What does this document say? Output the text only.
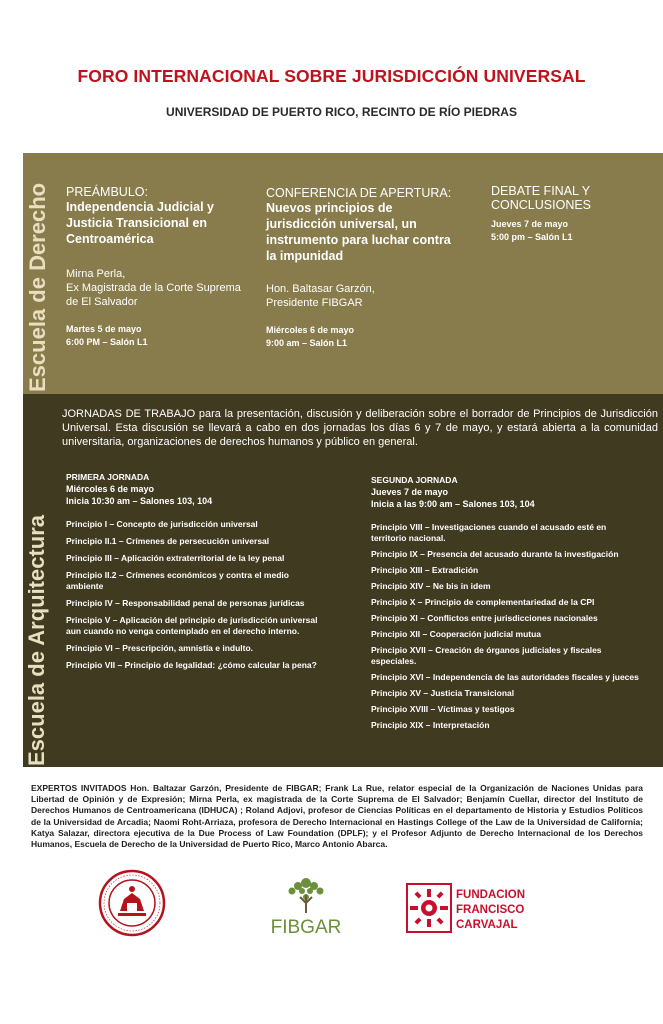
FORO INTERNACIONAL SOBRE JURISDICCIÓN UNIVERSAL
UNIVERSIDAD DE PUERTO RICO, RECINTO DE RÍO PIEDRAS
Escuela de Derecho
Escuela de Arquitectura
PREÁMBULO:
Independencia Judicial y Justicia Transicional en Centroamérica
Mirna Perla,
Ex Magistrada de la Corte Suprema de El Salvador
Martes 5 de mayo
6:00 PM – Salón L1
CONFERENCIA DE APERTURA:
Nuevos principios de jurisdicción universal, un instrumento para luchar contra la impunidad
Hon. Baltasar Garzón,
Presidente FIBGAR
Miércoles 6 de mayo
9:00 am – Salón L1
DEBATE FINAL Y CONCLUSIONES
Jueves 7 de mayo
5:00 pm – Salón L1
JORNADAS DE TRABAJO para la presentación, discusión y deliberación sobre el borrador de Principios de Jurisdicción Universal. Esta discusión se llevará a cabo en dos jornadas los días 6 y 7 de mayo, y estará abierta a la comunidad universitaria, organizaciones de derechos humanos y público en general.
PRIMERA JORNADA
Miércoles 6 de mayo
Inicia 10:30 am – Salones 103, 104
Principio I – Concepto de jurisdicción universal
Principio II.1 – Crímenes de persecución universal
Principio III – Aplicación extraterritorial de la ley penal
Principio II.2 – Crímenes económicos y contra el medio ambiente
Principio IV – Responsabilidad penal de personas jurídicas
Principio V – Aplicación del principio de jurisdicción universal aun cuando no venga contemplado en el derecho interno.
Principio VI – Prescripción, amnistía e indulto.
Principio VII – Principio de legalidad: ¿cómo calcular la pena?
SEGUNDA JORNADA
Jueves 7 de mayo
Inicia a las 9:00 am – Salones 103, 104
Principio VIII – Investigaciones cuando el acusado esté en territorio nacional.
Principio IX – Presencia del acusado durante la investigación
Principio XIII – Extradición
Principio XIV – Ne bis in idem
Principio X – Principio de complementariedad de la CPI
Principio XI – Conflictos entre jurisdicciones nacionales
Principio XII – Cooperación judicial mutua
Principio XVII – Creación de órganos judiciales y fiscales especiales.
Principio XVI – Independencia de las autoridades fiscales y jueces
Principio XV – Justicia Transicional
Principio XVIII – Víctimas y testigos
Principio XIX – Interpretación
EXPERTOS INVITADOS Hon. Baltazar Garzón, Presidente de FIBGAR; Frank La Rue, relator especial de la Organización de Naciones Unidas para Libertad de Opinión y de Expresión; Mirna Perla, ex magistrada de la Corte Suprema de El Salvador; Benjamín Cuellar, director del Instituto de Derechos Humanos de Centroamericana (IDHUCA) ; Roland Adjovi, profesor de Ciencias Políticas en el departamento de Historia y Estudios Políticos de la Universidad de Arcadia; Naomi Roht-Arriaza, profesora de Derecho Internacional en Hastings College of the Law de la Universidad de California; Katya Salazar, directora ejecutiva de la Due Process of Law Foundation (DPLF); y el Profesor Adjunto de Derecho Internacional de los Derechos Humanos, Escuela de Derecho de la Universidad de Puerto Rico, Marco Antonio Abarca.
FIBGAR
FUNDACION
FRANCISCO
CARVAJAL
